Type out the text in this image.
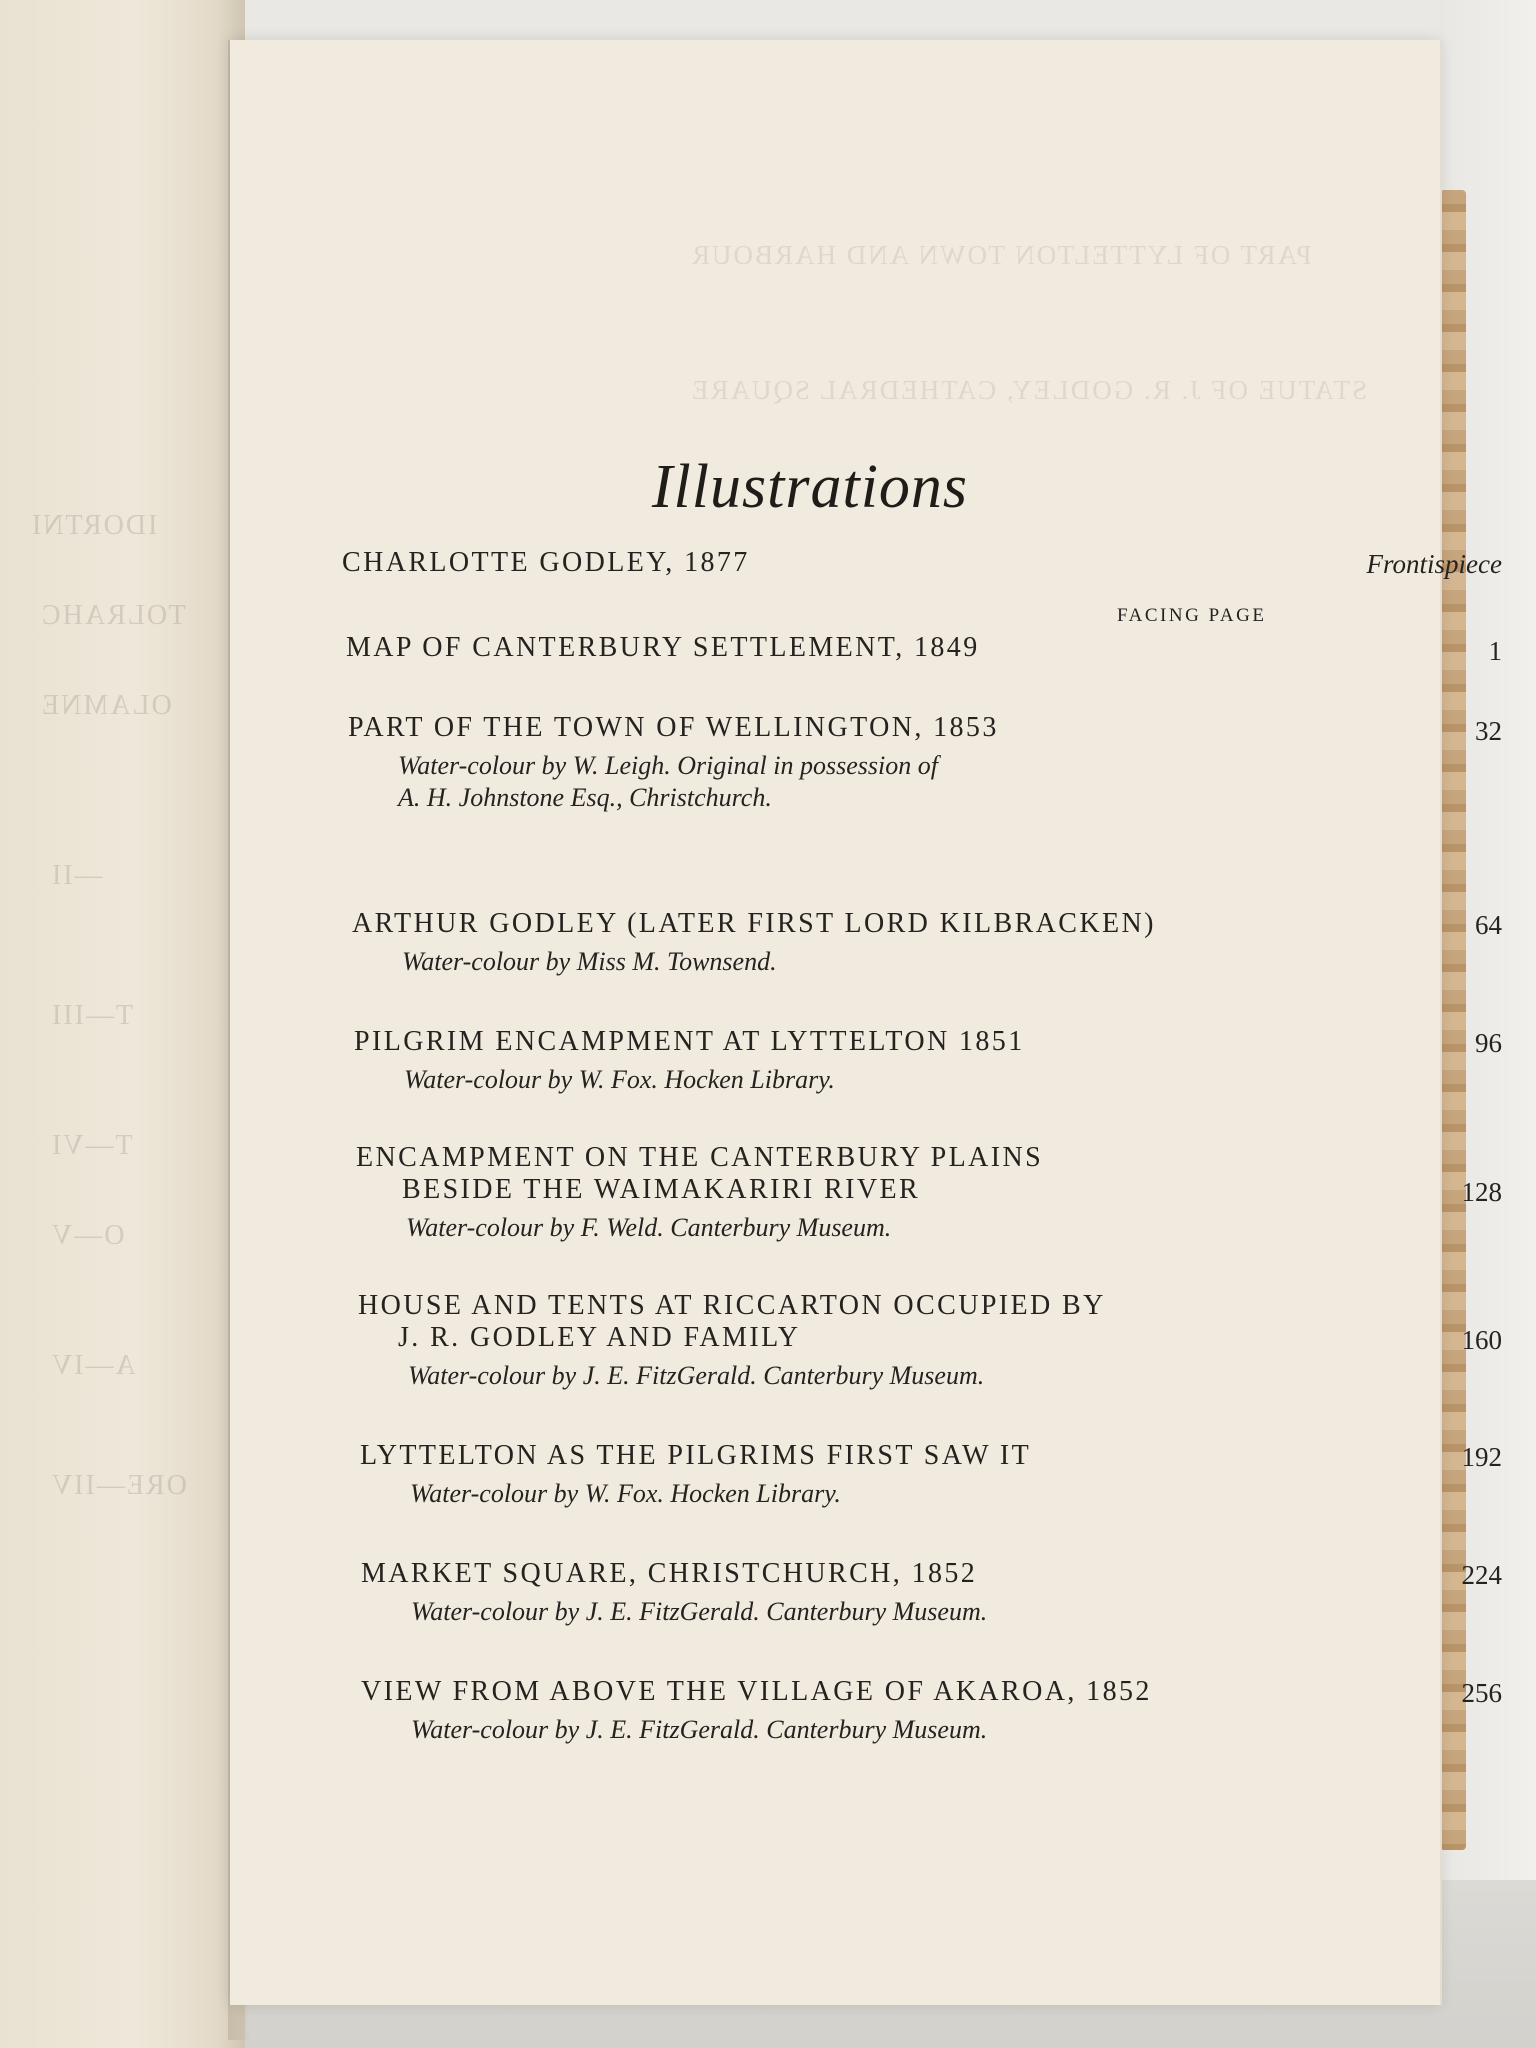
IDORTNI
TOLRAHC
OLAMNE
—II
T—III
T—VI
O—V
A—IV
ORE—IIV
PART OF LYTTELTON TOWN AND HARBOUR
STATUE OF J. R. GODLEY, CATHEDRAL SQUARE
Illustrations
CHARLOTTE GODLEY, 1877	Frontispiece
FACING PAGE
MAP OF CANTERBURY SETTLEMENT, 1849	1
PART OF THE TOWN OF WELLINGTON, 1853
Water-colour by W. Leigh. Original in possession of
A. H. Johnstone Esq., Christchurch.
32
ARTHUR GODLEY (LATER FIRST LORD KILBRACKEN)
Water-colour by Miss M. Townsend.
64
PILGRIM ENCAMPMENT AT LYTTELTON 1851
Water-colour by W. Fox. Hocken Library.
96
ENCAMPMENT ON THE CANTERBURY PLAINS
BESIDE THE WAIMAKARIRI RIVER
Water-colour by F. Weld. Canterbury Museum.
128
HOUSE AND TENTS AT RICCARTON OCCUPIED BY
J. R. GODLEY AND FAMILY
Water-colour by J. E. FitzGerald. Canterbury Museum.
160
LYTTELTON AS THE PILGRIMS FIRST SAW IT
Water-colour by W. Fox. Hocken Library.
192
MARKET SQUARE, CHRISTCHURCH, 1852
Water-colour by J. E. FitzGerald. Canterbury Museum.
224
VIEW FROM ABOVE THE VILLAGE OF AKAROA, 1852
Water-colour by J. E. FitzGerald. Canterbury Museum.
256
